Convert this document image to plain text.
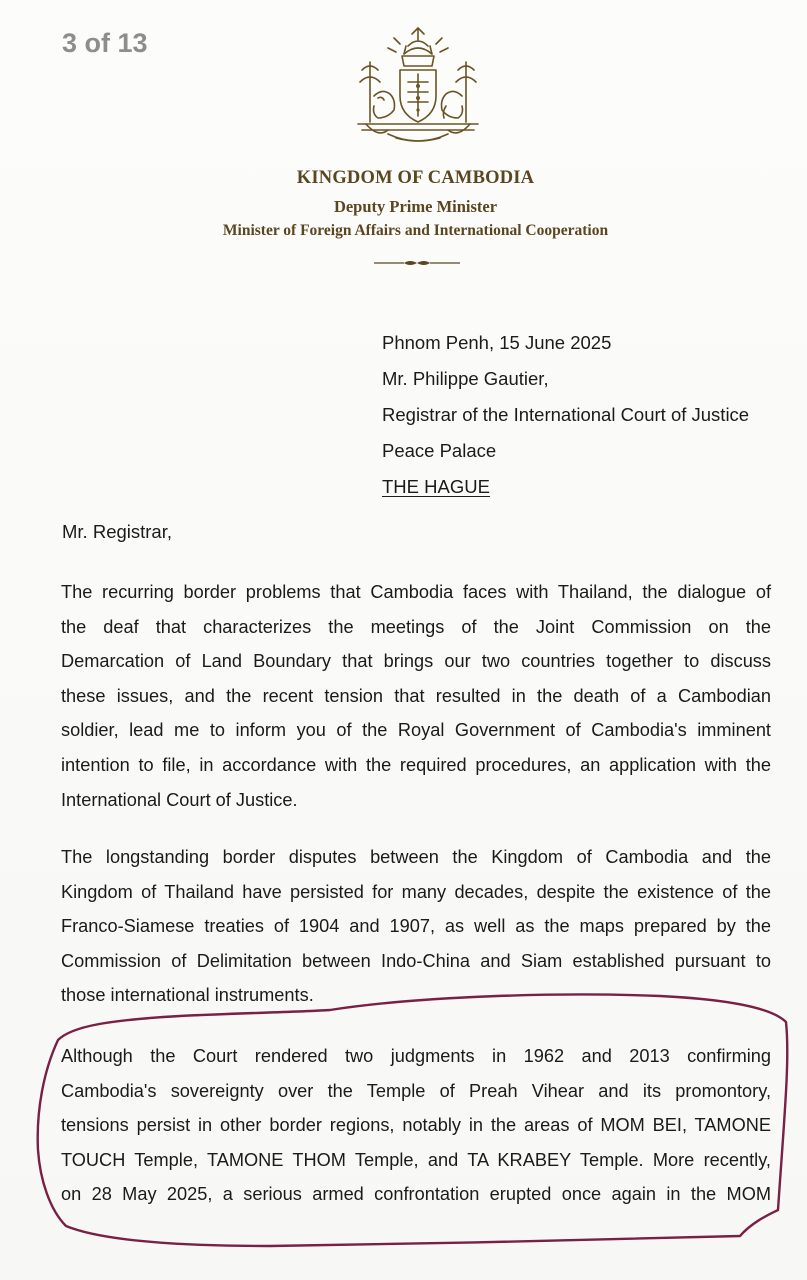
3 of 13
KINGDOM OF CAMBODIA
Deputy Prime Minister
Minister of Foreign Affairs and International Cooperation
Phnom Penh, 15 June 2025
Mr. Philippe Gautier,
Registrar of the International Court of Justice
Peace Palace
THE HAGUE
Mr. Registrar,
The recurring border problems that Cambodia faces with Thailand, the dialogue of
the deaf that characterizes the meetings of the Joint Commission on the
Demarcation of Land Boundary that brings our two countries together to discuss
these issues, and the recent tension that resulted in the death of a Cambodian
soldier, lead me to inform you of the Royal Government of Cambodia's imminent
intention to file, in accordance with the required procedures, an application with the
International Court of Justice.
The longstanding border disputes between the Kingdom of Cambodia and the
Kingdom of Thailand have persisted for many decades, despite the existence of the
Franco-Siamese treaties of 1904 and 1907, as well as the maps prepared by the
Commission of Delimitation between Indo-China and Siam established pursuant to
those international instruments.
Although the Court rendered two judgments in 1962 and 2013 confirming
Cambodia's sovereignty over the Temple of Preah Vihear and its promontory,
tensions persist in other border regions, notably in the areas of MOM BEI, TAMONE
TOUCH Temple, TAMONE THOM Temple, and TA KRABEY Temple. More recently,
on 28 May 2025, a serious armed confrontation erupted once again in the MOM
